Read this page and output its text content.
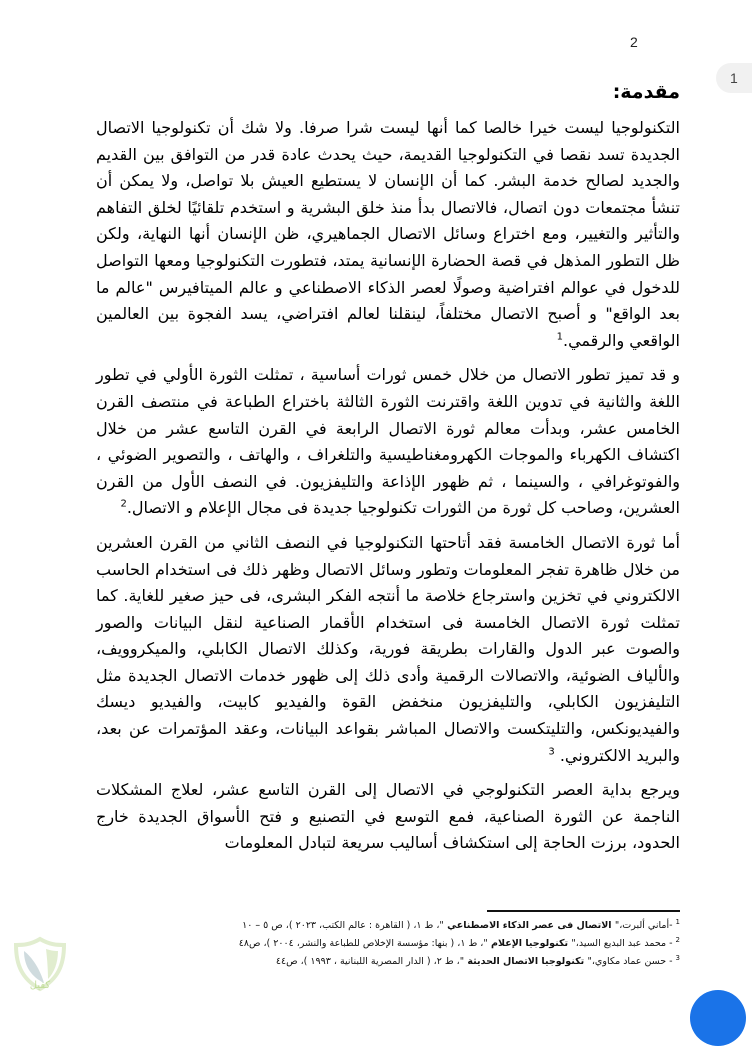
2
1
مقدمة:

التكنولوجيا ليست خيرا خالصا كما أنها ليست شرا صرفا. ولا شك أن تكنولوجيا الاتصال الجديدة تسد نقصا في التكنولوجيا القديمة، حيث يحدث عادة قدر من التوافق بين القديم والجديد لصالح خدمة البشر. كما أن الإنسان لا يستطيع العيش بلا تواصل، ولا يمكن أن تنشأ مجتمعات دون اتصال، فالاتصال بدأ منذ خلق البشرية و استخدم تلقائيًا لخلق التفاهم والتأثير والتغيير، ومع اختراع وسائل الاتصال الجماهيري، ظن الإنسان أنها النهاية، ولكن ظل التطور المذهل في قصة الحضارة الإنسانية يمتد، فتطورت التكنولوجيا ومعها التواصل للدخول في عوالم افتراضية وصولًا لعصر الذكاء الاصطناعي و عالم الميتافيرس "عالم ما بعد الواقع" و أصبح الاتصال مختلفاً، لينقلنا لعالم افتراضي، يسد الفجوة بين العالمين الواقعي والرقمي.$^1$

و قد تميز تطور الاتصال من خلال خمس ثورات أساسية ، تمثلت الثورة الأولي في تطور اللغة والثانية في تدوين اللغة واقترنت الثورة الثالثة باختراع الطباعة في منتصف القرن الخامس عشر، وبدأت معالم ثورة الاتصال الرابعة في القرن التاسع عشر من خلال اكتشاف الكهرباء والموجات الكهرومغناطيسية والتلغراف ، والهاتف ، والتصوير الضوئي ، والفوتوغرافي ، والسينما ، ثم ظهور الإذاعة والتليفزيون. في النصف الأول من القرن العشرين، وصاحب كل ثورة من الثورات تكنولوجيا جديدة فى مجال الإعلام و الاتصال.$^2$

أما ثورة الاتصال الخامسة فقد أتاحتها التكنولوجيا في النصف الثاني من القرن العشرين من خلال ظاهرة تفجر المعلومات وتطور وسائل الاتصال وظهر ذلك فى استخدام الحاسب الالكتروني في تخزين واسترجاع خلاصة ما أنتجه الفكر البشرى، فى حيز صغير للغاية. كما تمثلت ثورة الاتصال الخامسة فى استخدام الأقمار الصناعية لنقل البيانات والصور والصوت عبر الدول والقارات بطريقة فورية، وكذلك الاتصال الكابلي، والميكروويف، والألياف الضوئية، والاتصالات الرقمية وأدى ذلك إلى ظهور خدمات الاتصال الجديدة مثل التليفزيون الكابلي، والتليفزيون منخفض القوة والفيديو كابيت، والفيديو ديسك والفيديونكس، والتليتكست والاتصال المباشر بقواعد البيانات، وعقد المؤتمرات عن بعد، والبريد الالكتروني. $^3$

ويرجع بداية العصر التكنولوجي في الاتصال إلى القرن التاسع عشر، لعلاج المشكلات الناجمة عن الثورة الصناعية، فمع التوسع في التصنيع و فتح الأسواق الجديدة خارج الحدود، برزت الحاجة إلى استكشاف أساليب سريعة لتبادل المعلومات

$^1$-أماني ألبرت،" الاتصال فى عصر الذكاء الاصطناعي "، ط ١، ( القاهرة : عالم الكتب، ٢٠٢٣ )، ص ٥ – ١٠
$^2$- محمد عبد البديع السيد،" تكنولوجيا الإعلام "، ط ١، ( بنها: مؤسسة الإخلاص للطباعة والنشر، ٢٠٠٤ )، ص٤٨
$^3$- حسن عماد مكاوي،" تكنولوجيا الاتصال الحديثة "، ط ٢، ( الدار المصرية اللبنانية ، ١٩٩٣ )، ص٤٤
كفيل
